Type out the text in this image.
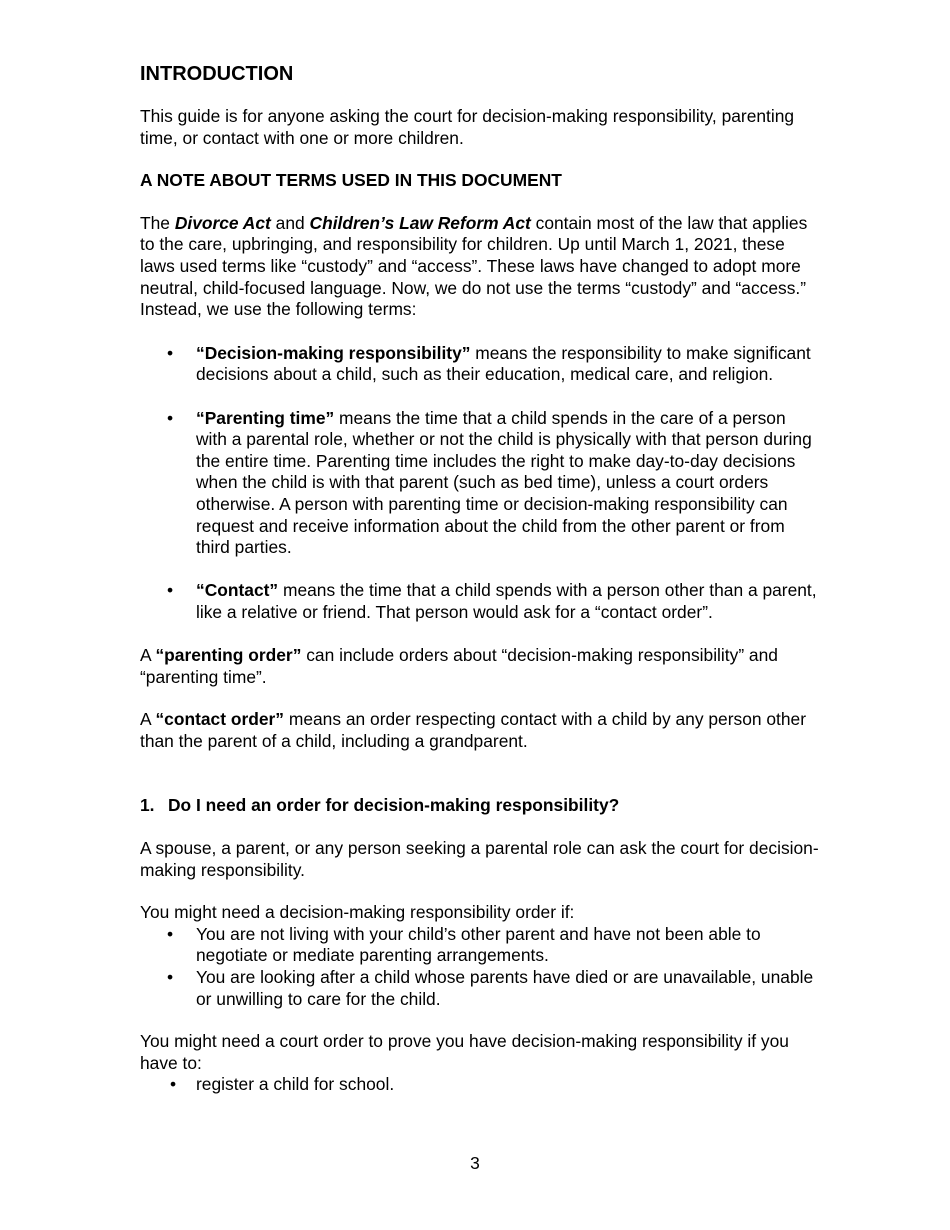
INTRODUCTION

This guide is for anyone asking the court for decision-making responsibility, parenting time, or contact with one or more children.

A NOTE ABOUT TERMS USED IN THIS DOCUMENT

The Divorce Act and Children’s Law Reform Act contain most of the law that applies to the care, upbringing, and responsibility for children. Up until March 1, 2021, these laws used terms like “custody” and “access”. These laws have changed to adopt more neutral, child-focused language. Now, we do not use the terms “custody” and “access.” Instead, we use the following terms:

• “Decision-making responsibility” means the responsibility to make significant decisions about a child, such as their education, medical care, and religion.
• “Parenting time” means the time that a child spends in the care of a person with a parental role, whether or not the child is physically with that person during the entire time. Parenting time includes the right to make day-to-day decisions when the child is with that parent (such as bed time), unless a court orders otherwise. A person with parenting time or decision-making responsibility can request and receive information about the child from the other parent or from third parties.
• “Contact” means the time that a child spends with a person other than a parent, like a relative or friend. That person would ask for a “contact order”.

A “parenting order” can include orders about “decision-making responsibility” and “parenting time”.

A “contact order” means an order respecting contact with a child by any person other than the parent of a child, including a grandparent.

1. Do I need an order for decision-making responsibility?

A spouse, a parent, or any person seeking a parental role can ask the court for decision-making responsibility.

You might need a decision-making responsibility order if:

• You are not living with your child’s other parent and have not been able to negotiate or mediate parenting arrangements.
• You are looking after a child whose parents have died or are unavailable, unable or unwilling to care for the child.

You might need a court order to prove you have decision-making responsibility if you have to:

• register a child for school.
3
